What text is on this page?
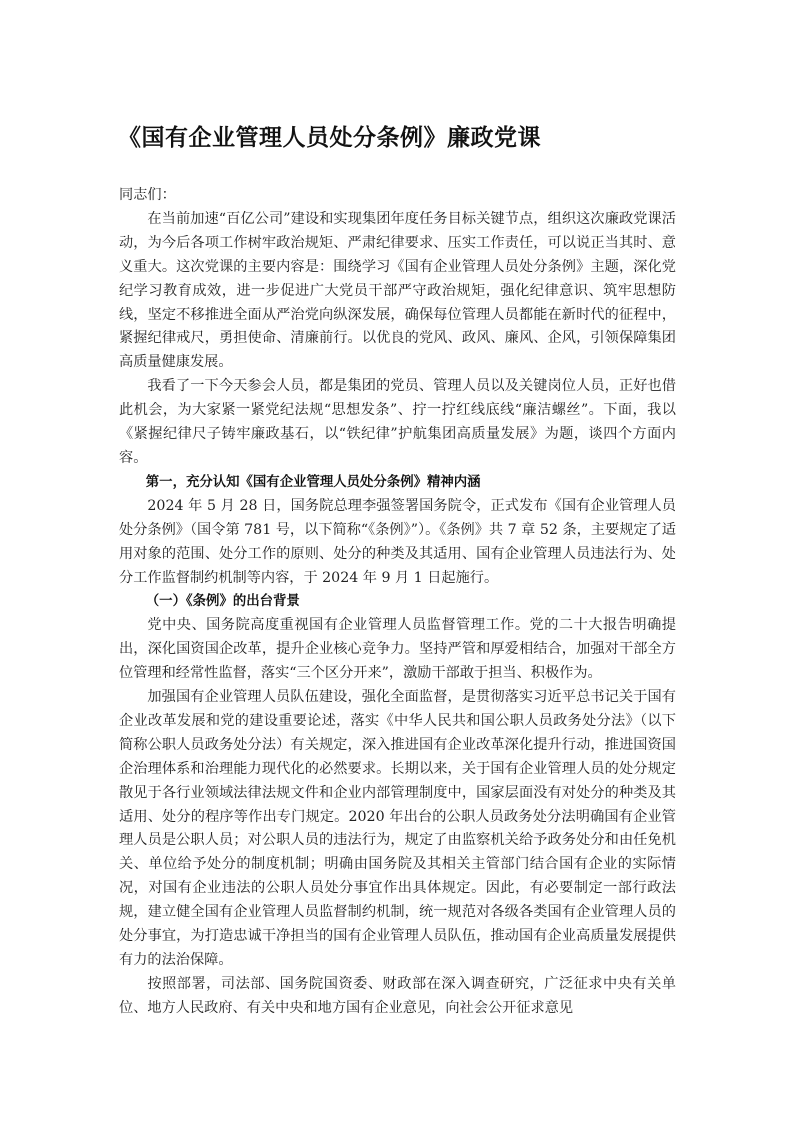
《国有企业管理人员处分条例》廉政党课

同志们：

在当前加速“百亿公司”建设和实现集团年度任务目标关键节点，组织这次廉政党课活动，为今后各项工作树牢政治规矩、严肃纪律要求、压实工作责任，可以说正当其时、意义重大。这次党课的主要内容是：围绕学习《国有企业管理人员处分条例》主题，深化党纪学习教育成效，进一步促进广大党员干部严守政治规矩，强化纪律意识、筑牢思想防线，坚定不移推进全面从严治党向纵深发展，确保每位管理人员都能在新时代的征程中，紧握纪律戒尺，勇担使命、清廉前行。以优良的党风、政风、廉风、企风，引领保障集团高质量健康发展。

我看了一下今天参会人员，都是集团的党员、管理人员以及关键岗位人员，正好也借此机会，为大家紧一紧党纪法规“思想发条”、拧一拧红线底线“廉洁螺丝”。下面，我以《紧握纪律尺子铸牢廉政基石，以“铁纪律”护航集团高质量发展》为题，谈四个方面内容。

第一，充分认知《国有企业管理人员处分条例》精神内涵

2024 年 5 月 28 日，国务院总理李强签署国务院令，正式发布《国有企业管理人员处分条例》（国令第 781 号，以下简称“《条例》”）。《条例》共 7 章 52 条，主要规定了适用对象的范围、处分工作的原则、处分的种类及其适用、国有企业管理人员违法行为、处分工作监督制约机制等内容，于 2024 年 9 月 1 日起施行。

（一）《条例》的出台背景

党中央、国务院高度重视国有企业管理人员监督管理工作。党的二十大报告明确提出，深化国资国企改革，提升企业核心竞争力。坚持严管和厚爱相结合，加强对干部全方位管理和经常性监督，落实“三个区分开来”，激励干部敢于担当、积极作为。

加强国有企业管理人员队伍建设，强化全面监督，是贯彻落实习近平总书记关于国有企业改革发展和党的建设重要论述，落实《中华人民共和国公职人员政务处分法》（以下简称公职人员政务处分法）有关规定，深入推进国有企业改革深化提升行动，推进国资国企治理体系和治理能力现代化的必然要求。长期以来，关于国有企业管理人员的处分规定散见于各行业领域法律法规文件和企业内部管理制度中，国家层面没有对处分的种类及其适用、处分的程序等作出专门规定。2020 年出台的公职人员政务处分法明确国有企业管理人员是公职人员；对公职人员的违法行为，规定了由监察机关给予政务处分和由任免机关、单位给予处分的制度机制；明确由国务院及其相关主管部门结合国有企业的实际情况，对国有企业违法的公职人员处分事宜作出具体规定。因此，有必要制定一部行政法规，建立健全国有企业管理人员监督制约机制，统一规范对各级各类国有企业管理人员的处分事宜，为打造忠诚干净担当的国有企业管理人员队伍，推动国有企业高质量发展提供有力的法治保障。

按照部署，司法部、国务院国资委、财政部在深入调查研究，广泛征求中央有关单位、地方人民政府、有关中央和地方国有企业意见，向社会公开征求意见
